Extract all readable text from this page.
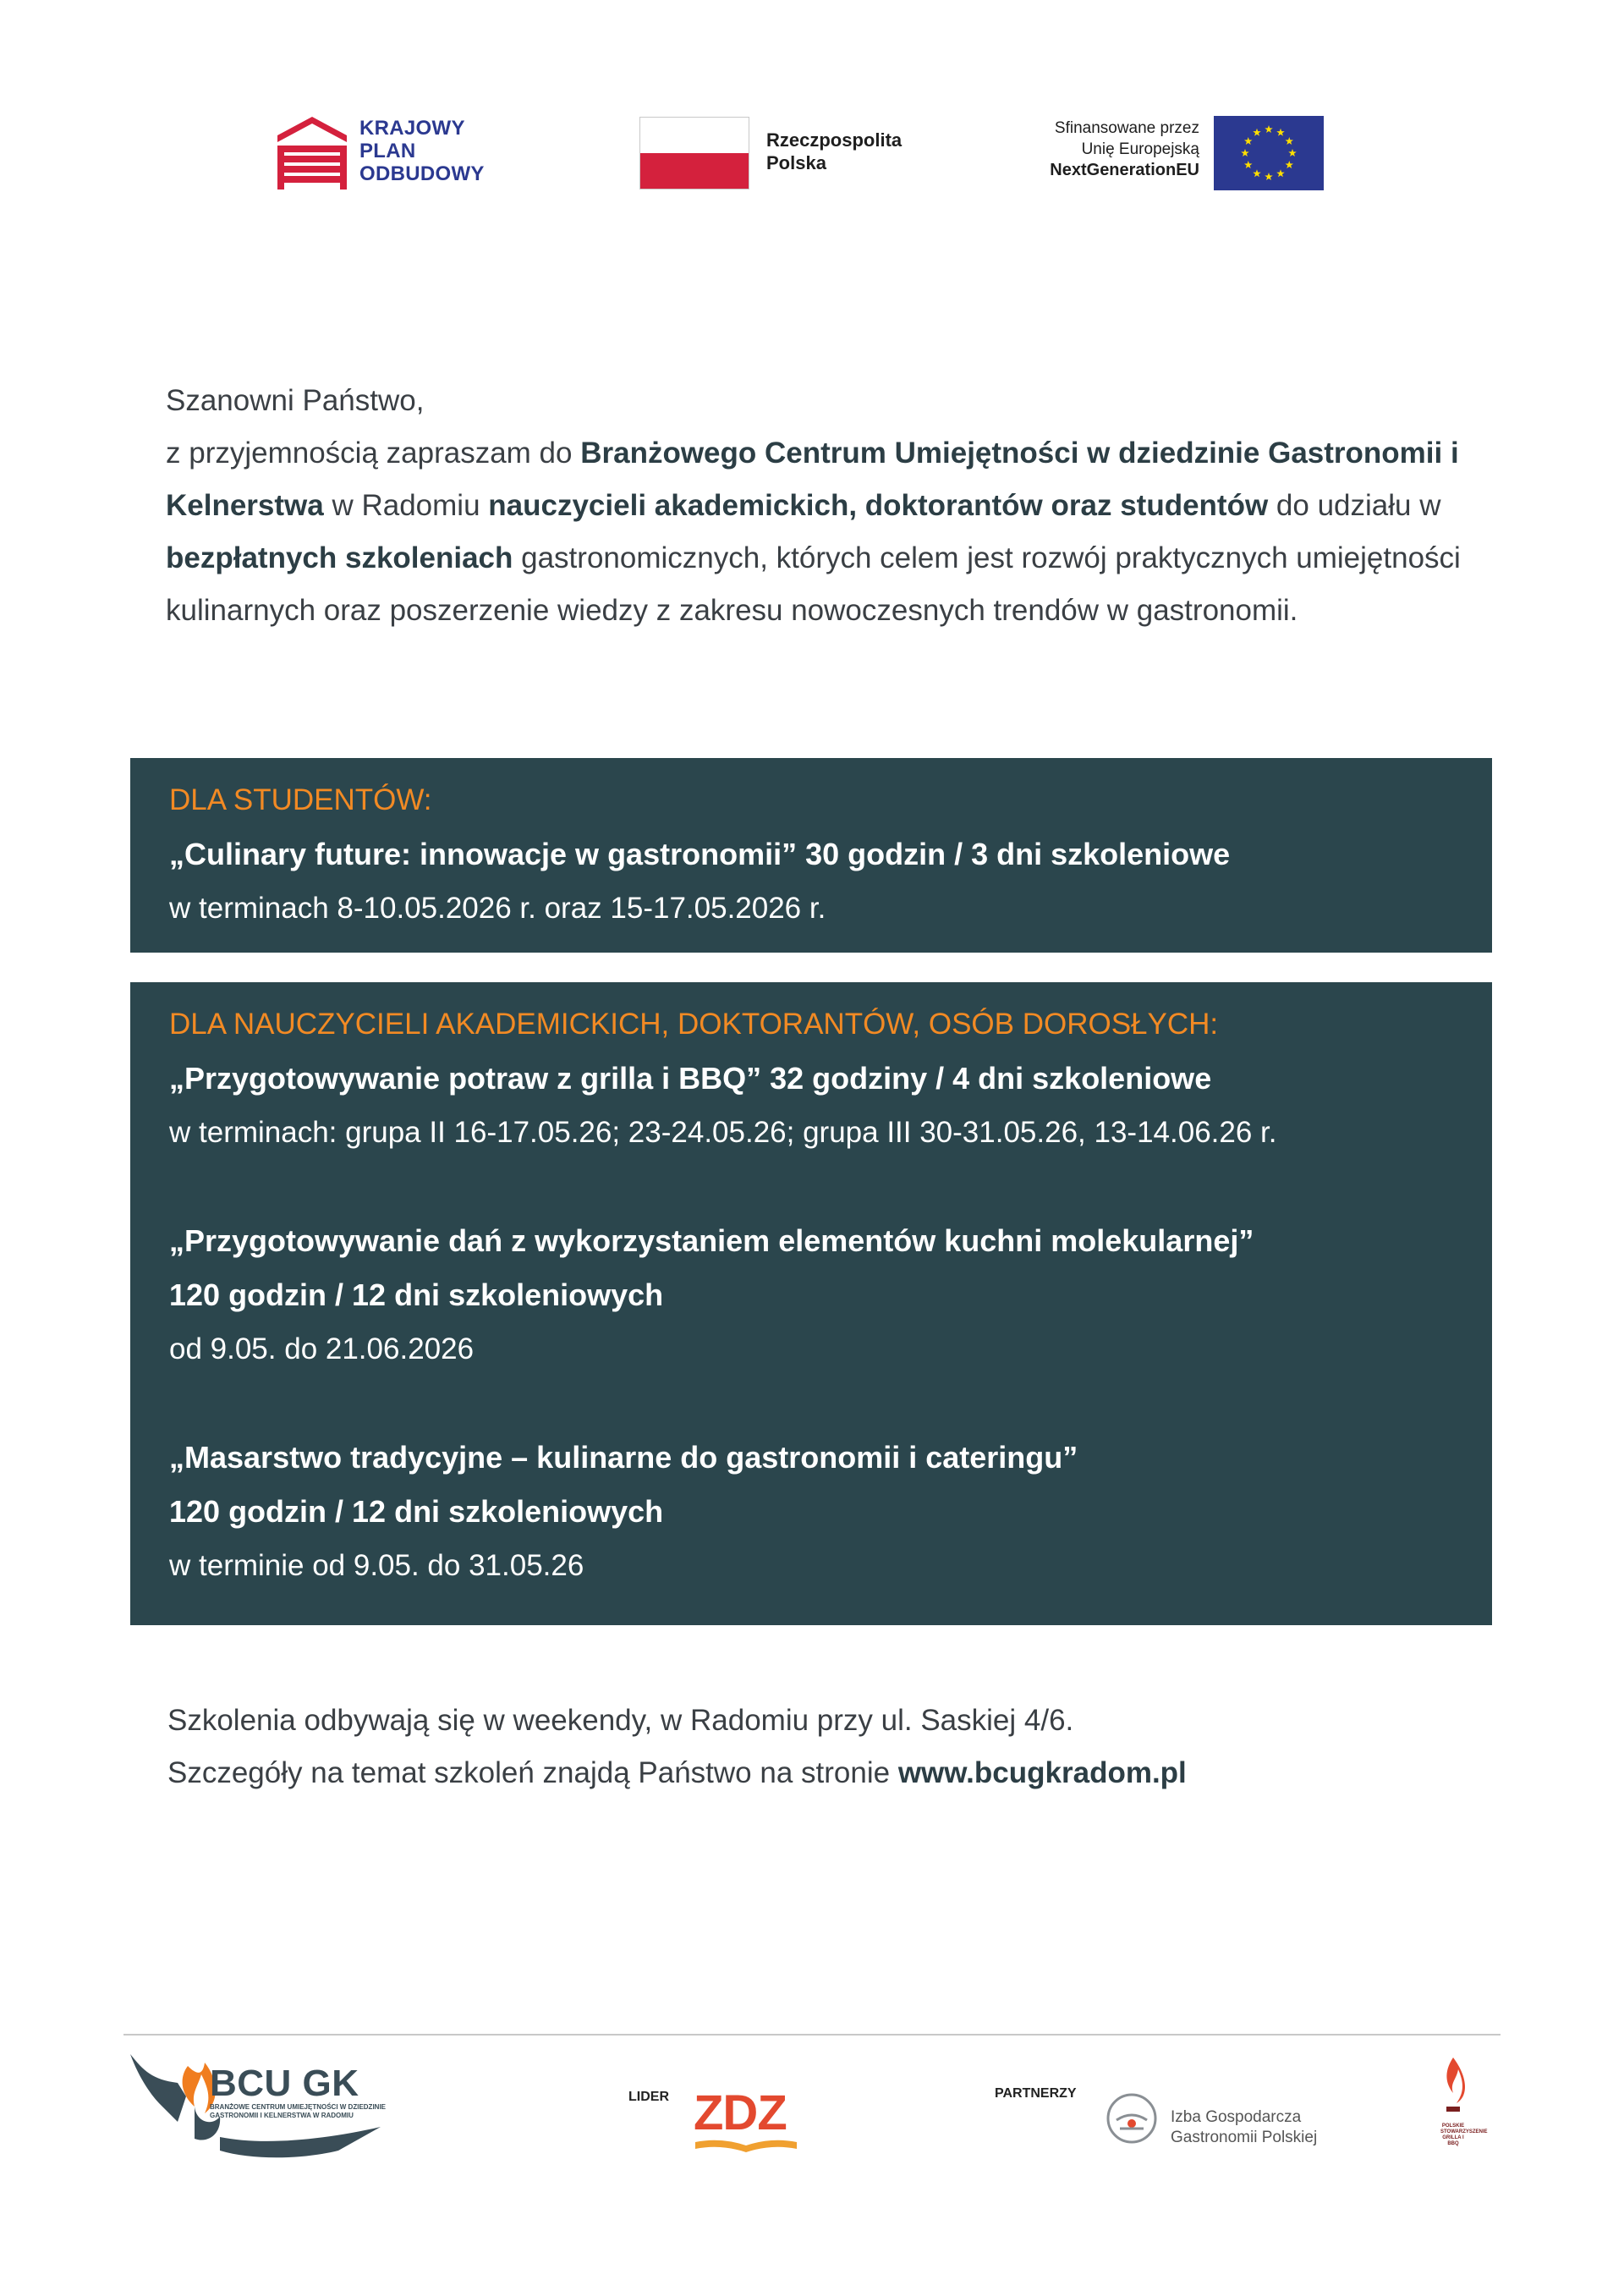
KRAJOWY
PLAN
ODBUDOWY
Rzeczpospolita
Polska
Sfinansowane przez
Unię Europejską
NextGenerationEU
Szanowni Państwo,
z przyjemnością zapraszam do Branżowego Centrum Umiejętności w dziedzinie Gastronomii i Kelnerstwa w Radomiu nauczycieli akademickich, doktorantów oraz studentów do udziału w bezpłatnych szkoleniach gastronomicznych, których celem jest rozwój praktycznych umiejętności kulinarnych oraz poszerzenie wiedzy z zakresu nowoczesnych trendów w gastronomii.
DLA STUDENTÓW:
„Culinary future: innowacje w gastronomii” 30 godzin / 3 dni szkoleniowe
w terminach 8-10.05.2026 r. oraz 15-17.05.2026 r.
DLA NAUCZYCIELI AKADEMICKICH, DOKTORANTÓW, OSÓB DOROSŁYCH:
„Przygotowywanie potraw z grilla i BBQ” 32 godziny / 4 dni szkoleniowe
w terminach: grupa II 16-17.05.26; 23-24.05.26; grupa III 30-31.05.26, 13-14.06.26 r.
„Przygotowywanie dań z wykorzystaniem elementów kuchni molekularnej”
120 godzin / 12 dni szkoleniowych
od 9.05. do 21.06.2026
„Masarstwo tradycyjne – kulinarne do gastronomii i cateringu”
120 godzin / 12 dni szkoleniowych
w terminie od 9.05. do 31.05.26
Szkolenia odbywają się w weekendy, w Radomiu przy ul. Saskiej 4/6.
Szczegóły na temat szkoleń znajdą Państwo na stronie www.bcugkradom.pl
BCU GK
BRANŻOWE CENTRUM UMIEJĘTNOŚCI W DZIEDZINIE GASTRONOMII I KELNERSTWA W RADOMIU
LIDER ZDZ	PARTNERZY
Izba Gospodarcza
Gastronomii Polskiej
POLSKIE STOWARZYSZENIE GRILLA I BBQ
